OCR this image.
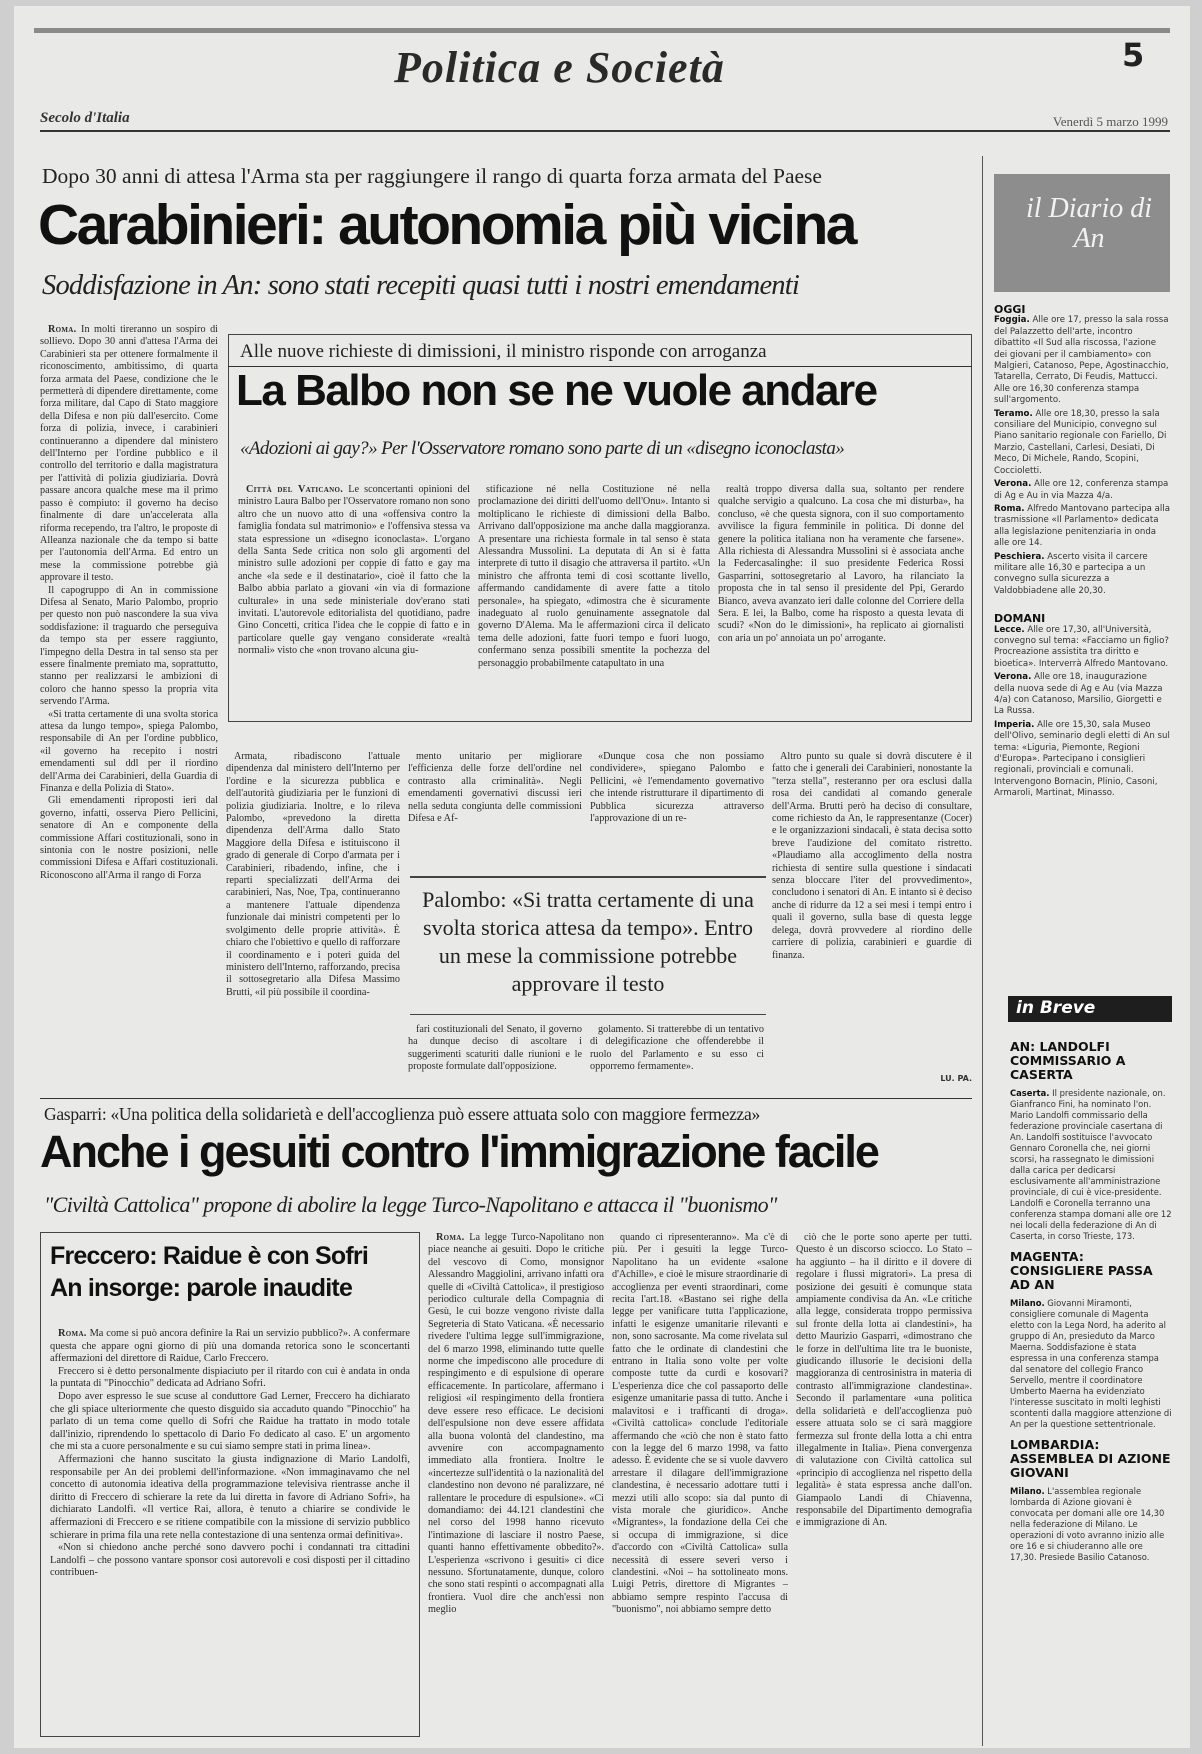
Politica e Società	5
Secolo d'Italia	Venerdì 5 marzo 1999
Dopo 30 anni di attesa l'Arma sta per raggiungere il rango di quarta forza armata del Paese
Carabinieri: autonomia più vicina
Soddisfazione in An: sono stati recepiti quasi tutti i nostri emendamenti

Roma. In molti tireranno un sospiro di sollievo. Dopo 30 anni d'attesa l'Arma dei Carabinieri sta per ottenere formalmente il riconoscimento, ambitissimo, di quarta forza armata del Paese, condizione che le permetterà di dipendere direttamente, come forza militare, dal Capo di Stato maggiore della Difesa e non più dall'esercito. Come forza di polizia, invece, i carabinieri continueranno a dipendere dal ministero dell'Interno per l'ordine pubblico e il controllo del territorio e dalla magistratura per l'attività di polizia giudiziaria. Dovrà passare ancora qualche mese ma il primo passo è compiuto: il governo ha deciso finalmente di dare un'accelerata alla riforma recependo, tra l'altro, le proposte di Alleanza nazionale che da tempo si batte per l'autonomia dell'Arma. Ed entro un mese la commissione potrebbe già approvare il testo.

Il capogruppo di An in commissione Difesa al Senato, Mario Palombo, proprio per questo non può nascondere la sua viva soddisfazione: il traguardo che perseguiva da tempo sta per essere raggiunto, l'impegno della Destra in tal senso sta per essere finalmente premiato ma, soprattutto, stanno per realizzarsi le ambizioni di coloro che hanno spesso la propria vita servendo l'Arma.

«Si tratta certamente di una svolta storica attesa da lungo tempo», spiega Palombo, responsabile di An per l'ordine pubblico, «il governo ha recepito i nostri emendamenti sul ddl per il riordino dell'Arma dei Carabinieri, della Guardia di Finanza e della Polizia di Stato».

Gli emendamenti riproposti ieri dal governo, infatti, osserva Piero Pellicini, senatore di An e componente della commissione Affari costituzionali, sono in sintonia con le nostre posizioni, nelle commissioni Difesa e Affari costituzionali. Riconoscono all'Arma il rango di Forza

Armata, ribadiscono l'attuale dipendenza dal ministero dell'Interno per l'ordine e la sicurezza pubblica e dell'autorità giudiziaria per le funzioni di polizia giudiziaria. Inoltre, e lo rileva Palombo, «prevedono la diretta dipendenza dell'Arma dallo Stato Maggiore della Difesa e istituiscono il grado di generale di Corpo d'armata per i Carabinieri, ribadendo, infine, che i reparti specializzati dell'Arma dei carabinieri, Nas, Noe, Tpa, continueranno a mantenere l'attuale dipendenza funzionale dai ministri competenti per lo svolgimento delle proprie attività». È chiaro che l'obiettivo e quello di rafforzare il coordinamento e i poteri guida del ministero dell'Interno, rafforzando, precisa il sottosegretario alla Difesa Massimo Brutti, «il più possibile il coordina-

mento unitario per migliorare l'efficienza delle forze dell'ordine nel contrasto alla criminalità». Negli emendamenti governativi discussi ieri nella seduta congiunta delle commissioni Difesa e Af-

«Dunque cosa che non possiamo condividere», spiegano Palombo e Pellicini, «è l'emendamento governativo che intende ristrutturare il dipartimento di Pubblica sicurezza attraverso l'approvazione di un re-

Palombo: «Si tratta certamente di una svolta storica attesa da tempo». Entro un mese la commissione potrebbe approvare il testo

fari costituzionali del Senato, il governo ha dunque deciso di ascoltare i suggerimenti scaturiti dalle riunioni e le proposte formulate dall'opposizione.

golamento. Si tratterebbe di un tentativo di delegificazione che offenderebbe il ruolo del Parlamento e su esso ci opporremo fermamente».

Altro punto su quale si dovrà discutere è il fatto che i generali dei Carabinieri, nonostante la "terza stella", resteranno per ora esclusi dalla rosa dei candidati al comando generale dell'Arma. Brutti però ha deciso di consultare, come richiesto da An, le rappresentanze (Cocer) e le organizzazioni sindacali, è stata decisa sotto breve l'audizione del comitato ristretto. «Plaudiamo alla accoglimento della nostra richiesta di sentire sulla questione i sindacati senza bloccare l'iter del provvedimento», concludono i senatori di An. E intanto si è deciso anche di ridurre da 12 a sei mesi i tempi entro i quali il governo, sulla base di questa legge delega, dovrà provvedere al riordino delle carriere di polizia, carabinieri e guardie di finanza.

LU. PA.
Alle nuove richieste di dimissioni, il ministro risponde con arroganza
La Balbo non se ne vuole andare
«Adozioni ai gay?» Per l'Osservatore romano sono parte di un «disegno iconoclasta»

Città del Vaticano. Le sconcertanti opinioni del ministro Laura Balbo per l'Osservatore romano non sono altro che un nuovo atto di una «offensiva contro la famiglia fondata sul matrimonio» e l'offensiva stessa va stata espressione un «disegno iconoclasta». L'organo della Santa Sede critica non solo gli argomenti del ministro sulle adozioni per coppie di fatto e gay ma anche «la sede e il destinatario», cioè il fatto che la Balbo abbia parlato a giovani «in via di formazione culturale» in una sede ministeriale dov'erano stati invitati. L'autorevole editorialista del quotidiano, padre Gino Concetti, critica l'idea che le coppie di fatto e in particolare quelle gay vengano considerate «realtà normali» visto che «non trovano alcuna giu-

stificazione né nella Costituzione né nella proclamazione dei diritti dell'uomo dell'Onu». Intanto si moltiplicano le richieste di dimissioni della Balbo. Arrivano dall'opposizione ma anche dalla maggioranza. A presentare una richiesta formale in tal senso è stata Alessandra Mussolini. La deputata di An si è fatta interprete di tutto il disagio che attraversa il partito. «Un ministro che affronta temi di così scottante livello, affermando candidamente di avere fatte a titolo personale», ha spiegato, «dimostra che è sicuramente inadeguato al ruolo genuinamente assegnatole dal governo D'Alema. Ma le affermazioni circa il delicato tema delle adozioni, fatte fuori tempo e fuori luogo, confermano senza possibili smentite la pochezza del personaggio probabilmente catapultato in una

realtà troppo diversa dalla sua, soltanto per rendere qualche servigio a qualcuno. La cosa che mi disturba», ha concluso, «è che questa signora, con il suo comportamento avvilisce la figura femminile in politica. Di donne del genere la politica italiana non ha veramente che farsene». Alla richiesta di Alessandra Mussolini si è associata anche la Federcasalinghe: il suo presidente Federica Rossi Gasparrini, sottosegretario al Lavoro, ha rilanciato la proposta che in tal senso il presidente del Ppi, Gerardo Bianco, aveva avanzato ieri dalle colonne del Corriere della Sera. E lei, la Balbo, come ha risposto a questa levata di scudi? «Non do le dimissioni», ha replicato ai giornalisti con aria un po' annoiata un po' arrogante.

il Diario di An
OGGI

Foggia. Alle ore 17, presso la sala rossa del Palazzetto dell'arte, incontro dibattito «Il Sud alla riscossa, l'azione dei giovani per il cambiamento» con Malgieri, Catanoso, Pepe, Agostinacchio, Tatarella, Cerrato, Di Feudis, Mattucci. Alle ore 16,30 conferenza stampa sull'argomento.

Teramo. Alle ore 18,30, presso la sala consiliare del Municipio, convegno sul Piano sanitario regionale con Fariello, Di Marzio, Castellani, Carlesi, Desiati, Di Meco, Di Michele, Rando, Scopini, Coccioletti.

Verona. Alle ore 12, conferenza stampa di Ag e Au in via Mazza 4/a.

Roma. Alfredo Mantovano partecipa alla trasmissione «Il Parlamento» dedicata alla legislazione penitenziaria in onda alle ore 14.

Peschiera. Ascerto visita il carcere militare alle 16,30 e partecipa a un convegno sulla sicurezza a Valdobbiadene alle 20,30.

DOMANI

Lecce. Alle ore 17,30, all'Università, convegno sul tema: «Facciamo un figlio? Procreazione assistita tra diritto e bioetica». Interverrà Alfredo Mantovano.

Verona. Alle ore 18, inaugurazione della nuova sede di Ag e Au (via Mazza 4/a) con Catanoso, Marsilio, Giorgetti e La Russa.

Imperia. Alle ore 15,30, sala Museo dell'Olivo, seminario degli eletti di An sul tema: «Liguria, Piemonte, Regioni d'Europa». Partecipano i consiglieri regionali, provinciali e comunali. Intervengono Bornacin, Plinio, Casoni, Armaroli, Martinat, Minasso.

in Breve
AN: LANDOLFI COMMISSARIO A CASERTA

Caserta. Il presidente nazionale, on. Gianfranco Fini, ha nominato l'on. Mario Landolfi commissario della federazione provinciale casertana di An. Landolfi sostituisce l'avvocato Gennaro Coronella che, nei giorni scorsi, ha rassegnato le dimissioni dalla carica per dedicarsi esclusivamente all'amministrazione provinciale, di cui è vice-presidente. Landolfi e Coronella terranno una conferenza stampa domani alle ore 12 nei locali della federazione di An di Caserta, in corso Trieste, 173.

MAGENTA: CONSIGLIERE PASSA AD AN

Milano. Giovanni Miramonti, consigliere comunale di Magenta eletto con la Lega Nord, ha aderito al gruppo di An, presieduto da Marco Maerna. Soddisfazione è stata espressa in una conferenza stampa dal senatore del collegio Franco Servello, mentre il coordinatore Umberto Maerna ha evidenziato l'interesse suscitato in molti leghisti scontenti dalla maggiore attenzione di An per la questione settentrionale.

LOMBARDIA: ASSEMBLEA DI AZIONE GIOVANI

Milano. L'assemblea regionale lombarda di Azione giovani è convocata per domani alle ore 14,30 nella federazione di Milano. Le operazioni di voto avranno inizio alle ore 16 e si chiuderanno alle ore 17,30. Presiede Basilio Catanoso.

Gasparri: «Una politica della solidarietà e dell'accoglienza può essere attuata solo con maggiore fermezza»
Anche i gesuiti contro l'immigrazione facile
"Civiltà Cattolica" propone di abolire la legge Turco-Napolitano e attacca il "buonismo"
Freccero: Raidue è con Sofri An insorge: parole inaudite

Roma. Ma come si può ancora definire la Rai un servizio pubblico?». A confermare questa che appare ogni giorno di più una domanda retorica sono le sconcertanti affermazioni del direttore di Raidue, Carlo Freccero.

Freccero si è detto personalmente dispiaciuto per il ritardo con cui è andata in onda la puntata di "Pinocchio" dedicata ad Adriano Sofri.

Dopo aver espresso le sue scuse al conduttore Gad Lerner, Freccero ha dichiarato che gli spiace ulteriormente che questo disguido sia accaduto quando "Pinocchio" ha parlato di un tema come quello di Sofri che Raidue ha trattato in modo totale dall'inizio, riprendendo lo spettacolo di Dario Fo dedicato al caso. E' un argomento che mi sta a cuore personalmente e su cui siamo sempre stati in prima linea».

Affermazioni che hanno suscitato la giusta indignazione di Mario Landolfi, responsabile per An dei problemi dell'informazione. «Non immaginavamo che nel concetto di autonomia ideativa della programmazione televisiva rientrasse anche il diritto di Freccero di schierare la rete da lui diretta in favore di Adriano Sofri», ha dichiarato Landolfi. «Il vertice Rai, allora, è tenuto a chiarire se condivide le affermazioni di Freccero e se ritiene compatibile con la missione di servizio pubblico schierare in prima fila una rete nella contestazione di una sentenza ormai definitiva».

«Non si chiedono anche perché sono davvero pochi i condannati tra cittadini Landolfi – che possono vantare sponsor così autorevoli e così disposti per il cittadino contribuen-

Roma. La legge Turco-Napolitano non piace neanche ai gesuiti. Dopo le critiche del vescovo di Como, monsignor Alessandro Maggiolini, arrivano infatti ora quelle di «Civiltà Cattolica», il prestigioso periodico culturale della Compagnia di Gesù, le cui bozze vengono riviste dalla Segreteria di Stato Vaticana. «È necessario rivedere l'ultima legge sull'immigrazione, del 6 marzo 1998, eliminando tutte quelle norme che impediscono alle procedure di respingimento e di espulsione di operare efficacemente. In particolare, affermano i religiosi «il respingimento della frontiera deve essere reso efficace. Le decisioni dell'espulsione non deve essere affidata alla buona volontà del clandestino, ma avvenire con accompagnamento immediato alla frontiera. Inoltre le «incertezze sull'identità o la nazionalità del clandestino non devono né paralizzare, né rallentare le procedure di espulsione». «Ci domandiamo: dei 44.121 clandestini che nel corso del 1998 hanno ricevuto l'intimazione di lasciare il nostro Paese, quanti hanno effettivamente obbedito?». L'esperienza «scrivono i gesuiti» ci dice nessuno. Sfortunatamente, dunque, coloro che sono stati respinti o accompagnati alla frontiera. Vuol dire che anch'essi non meglio

quando ci ripresenteranno». Ma c'è di più. Per i gesuiti la legge Turco-Napolitano ha un evidente «salone d'Achille», e cioè le misure straordinarie di accoglienza per eventi straordinari, come recita l'art.18. «Bastano sei righe della legge per vanificare tutta l'applicazione, infatti le esigenze umanitarie rilevanti e non, sono sacrosante. Ma come rivelata sul fatto che le ordinate di clandestini che entrano in Italia sono volte per volte composte tutte da curdi e kosovari? L'esperienza dice che col passaporto delle esigenze umanitarie passa di tutto. Anche i malavitosi e i trafficanti di droga». «Civiltà cattolica» conclude l'editoriale affermando che «ciò che non è stato fatto con la legge del 6 marzo 1998, va fatto adesso. È evidente che se si vuole davvero arrestare il dilagare dell'immigrazione clandestina, è necessario adottare tutti i mezzi utili allo scopo: sia dal punto di vista morale che giuridico». Anche «Migrantes», la fondazione della Cei che si occupa di immigrazione, si dice d'accordo con «Civiltà Cattolica» sulla necessità di essere severi verso i clandestini. «Noi – ha sottolineato mons. Luigi Petris, direttore di Migrantes – abbiamo sempre respinto l'accusa di "buonismo", noi abbiamo sempre detto

ciò che le porte sono aperte per tutti. Questo è un discorso sciocco. Lo Stato – ha aggiunto – ha il diritto e il dovere di regolare i flussi migratori». La presa di posizione dei gesuiti è comunque stata ampiamente condivisa da An. «Le critiche alla legge, considerata troppo permissiva sul fronte della lotta ai clandestini», ha detto Maurizio Gasparri, «dimostrano che le forze in dell'ultima lite tra le buoniste, giudicando illusorie le decisioni della maggioranza di centrosinistra in materia di contrasto all'immigrazione clandestina». Secondo il parlamentare «una politica della solidarietà e dell'accoglienza può essere attuata solo se ci sarà maggiore fermezza sul fronte della lotta a chi entra illegalmente in Italia». Piena convergenza di valutazione con Civiltà cattolica sul «principio di accoglienza nel rispetto della legalità» è stata espressa anche dall'on. Giampaolo Landi di Chiavenna, responsabile del Dipartimento demografia e immigrazione di An.
